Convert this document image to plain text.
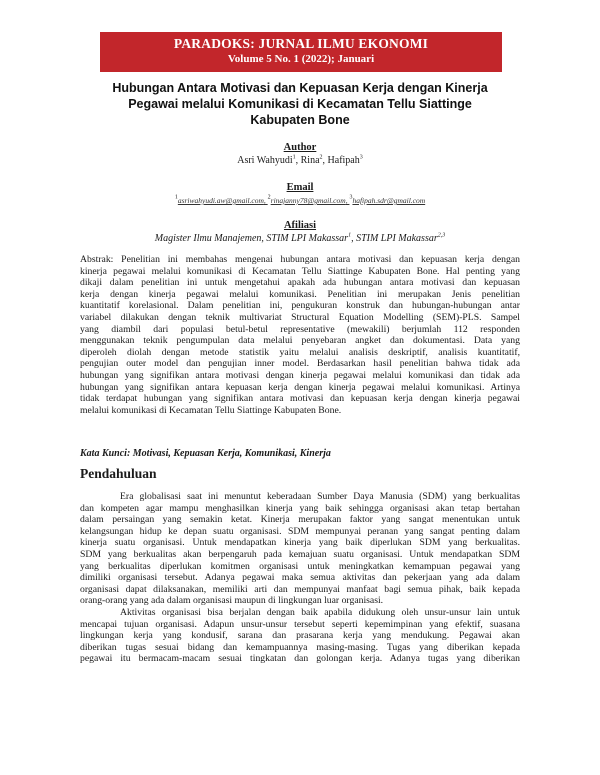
PARADOKS: JURNAL ILMU EKONOMI
Volume 5 No. 1 (2022); Januari
Hubungan Antara Motivasi dan Kepuasan Kerja dengan Kinerja
Pegawai melalui Komunikasi di Kecamatan Tellu Siattinge
Kabupaten Bone
Author
Asri Wahyudi$^1$, Rina$^2$, Hafipah$^3$
Email
$^1$asriwahyudi.aw@gmail.com, $^2$rinajanny78@gmail.com, $^3$hafipah.sdr@gmail.com
Afiliasi
Magister Ilmu Manajemen, STIM LPI Makassar$^1$, STIM LPI Makassar$^{2,3}$
Abstrak: Penelitian ini membahas mengenai hubungan antara motivasi dan kepuasan kerja dengan
kinerja pegawai melalui komunikasi di Kecamatan Tellu Siattinge Kabupaten Bone. Hal penting yang
dikaji dalam penelitian ini untuk mengetahui apakah ada hubungan antara motivasi dan kepuasan
kerja dengan kinerja pegawai melalui komunikasi. Penelitian ini merupakan Jenis penelitian
kuantitatif korelasional. Dalam penelitian ini, pengukuran konstruk dan hubungan-hubungan antar
variabel dilakukan dengan teknik multivariat Structural Equation Modelling (SEM)-PLS. Sampel
yang diambil dari populasi betul-betul representative (mewakili) berjumlah 112 responden
menggunakan teknik pengumpulan data melalui penyebaran angket dan dokumentasi. Data yang
diperoleh diolah dengan metode statistik yaitu melalui analisis deskriptif, analisis kuantitatif,
pengujian outer model dan pengujian inner model. Berdasarkan hasil penelitian bahwa tidak ada
hubungan yang signifikan antara motivasi dengan kinerja pegawai melalui komunikasi dan tidak ada
hubungan yang signifikan antara kepuasan kerja dengan kinerja pegawai melalui komunikasi. Artinya
tidak terdapat hubungan yang signifikan antara motivasi dan kepuasan kerja dengan kinerja pegawai
melalui komunikasi di Kecamatan Tellu Siattinge Kabupaten Bone.
Kata Kunci: Motivasi, Kepuasan Kerja, Komunikasi, Kinerja
Pendahuluan
Era globalisasi saat ini menuntut keberadaan Sumber Daya Manusia (SDM) yang berkualitas
dan kompeten agar mampu menghasilkan kinerja yang baik sehingga organisasi akan tetap bertahan
dalam persaingan yang semakin ketat. Kinerja merupakan faktor yang sangat menentukan untuk
kelangsungan hidup ke depan suatu organisasi. SDM mempunyai peranan yang sangat penting dalam
kinerja suatu organisasi. Untuk mendapatkan kinerja yang baik diperlukan SDM yang berkualitas.
SDM yang berkualitas akan berpengaruh pada kemajuan suatu organisasi. Untuk mendapatkan SDM
yang berkualitas diperlukan komitmen organisasi untuk meningkatkan kemampuan pegawai yang
dimiliki organisasi tersebut. Adanya pegawai maka semua aktivitas dan pekerjaan yang ada dalam
organisasi dapat dilaksanakan, memiliki arti dan mempunyai manfaat bagi semua pihak, baik kepada
orang-orang yang ada dalam organisasi maupun di lingkungan luar organisasi.
Aktivitas organisasi bisa berjalan dengan baik apabila didukung oleh unsur-unsur lain untuk
mencapai tujuan organisasi. Adapun unsur-unsur tersebut seperti kepemimpinan yang efektif, suasana
lingkungan kerja yang kondusif, sarana dan prasarana kerja yang mendukung. Pegawai akan
diberikan tugas sesuai bidang dan kemampuannya masing-masing. Tugas yang diberikan kepada
pegawai itu bermacam-macam sesuai tingkatan dan golongan kerja. Adanya tugas yang diberikan
